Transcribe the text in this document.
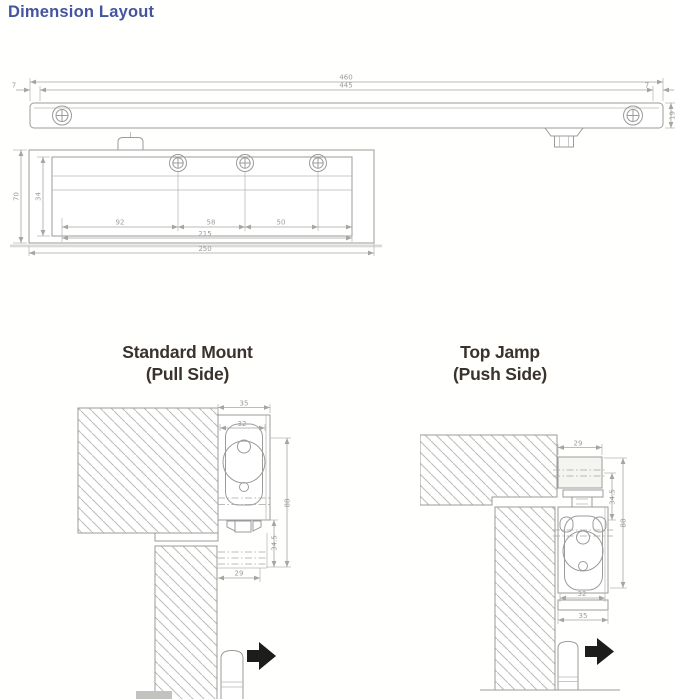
Dimension Layout
460
445
7	7
19
70 34
92	58	50
215
250
Standard Mount
(Pull Side)
Top Jamp
(Push Side)
35
32
88
34.5
29
29
34.5
88
32
35
